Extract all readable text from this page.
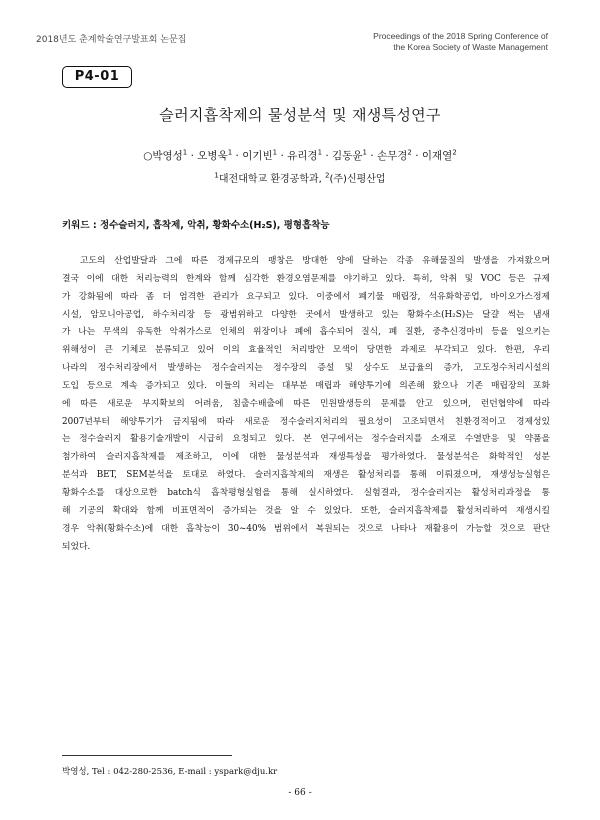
2018년도 춘계학술연구발표회 논문집	Proceedings of the 2018 Spring Conference of
the Korea Society of Waste Management
P4-01
슬러지흡착제의 물성분석 및 재생특성연구
○박영성$^1$ · 오병욱$^1$ · 이기빈$^1$ · 유리경$^1$ · 김동윤$^1$ · 손무경$^2$ · 이재열$^2$
$^1$대전대학교 환경공학과, $^2$(주)신평산업
키워드 : 정수슬러지, 흡착제, 악취, 황화수소(H₂S), 평형흡착능
고도의 산업발달과 그에 따른 경제규모의 팽창은 방대한 양에 달하는 각종 유해물질의 발생을 가져왔으며
결국 이에 대한 처리능력의 한계와 함께 심각한 환경오염문제를 야기하고 있다. 특히, 악취 및 VOC 등은 규제
가 강화됨에 따라 좀 더 엄격한 관리가 요구되고 있다. 이중에서 폐기물 매립장, 석유화학공업, 바이오가스정제
시설, 암모니아공업, 하수처리장 등 광범위하고 다양한 곳에서 발생하고 있는 황화수소(H₂S)는 달걀 썩는 냄새
가 나는 무색의 유독한 악취가스로 인체의 위장이나 폐에 흡수되어 질식, 폐 질환, 중추신경마비 등을 일으키는
위해성이 큰 기체로 분류되고 있어 이의 효율적인 처리방안 모색이 당면한 과제로 부각되고 있다. 한편, 우리
나라의 정수처리장에서 발생하는 정수슬러지는 정수장의 증설 및 상수도 보급율의 증가, 고도정수처리시설의
도입 등으로 계속 증가되고 있다. 이들의 처리는 대부분 매립과 해양투기에 의존해 왔으나 기존 매립장의 포화
에 따른 새로운 부지확보의 어려움, 침출수배출에 따른 민원발생등의 문제를 안고 있으며, 런던협약에 따라
2007년부터 해양투기가 금지됨에 따라 새로운 정수슬러지처리의 필요성이 고조되면서 친환경적이고 경제성있
는 정수슬러지 활용기술개발이 시급히 요청되고 있다. 본 연구에서는 정수슬러지를 소재로 수열반응 및 약품을
첨가하여 슬러지흡착제를 제조하고, 이에 대한 물성분석과 재생특성을 평가하였다. 물성분석은 화학적인 성분
분석과 BET, SEM분석을 토대로 하였다. 슬러지흡착제의 재생은 활성처리를 통해 이뤄졌으며, 재생성능실험은
황화수소를 대상으로한 batch식 흡착평형실험을 통해 실시하였다. 실험결과, 정수슬러지는 활성처리과정을 통
해 기공의 확대와 함께 비표면적이 증가되는 것을 알 수 있었다. 또한, 슬러지흡착제를 활성처리하여 재생시킬
경우 악취(황화수소)에 대한 흡착능이 30~40% 범위에서 복원되는 것으로 나타나 재활용이 가능할 것으로 판단
되었다.
박영성, Tel : 042-280-2536, E-mail : yspark@dju.kr
- 66 -
